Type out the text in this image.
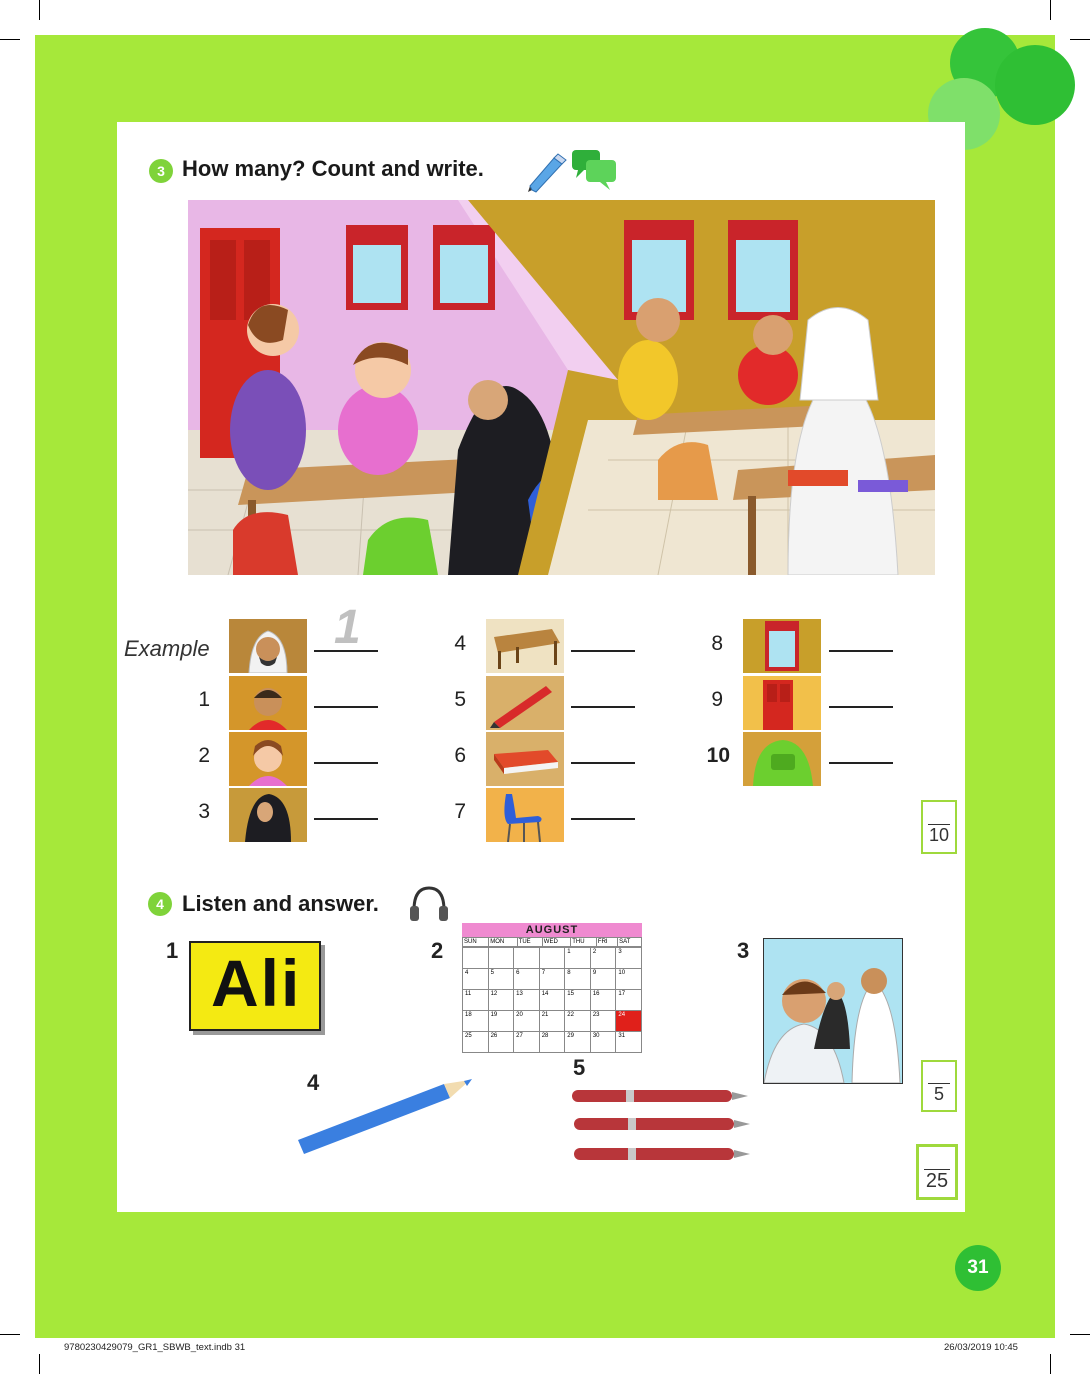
3 How many? Count and write.
Example	1
1
2
3
4
5
6
7
8
9
10
10
4 Listen and answer.
1 Ali	2
AUGUST
SUN	MON	TUE	WED	THU	FRI	SAT
				1	2	3
4	5	6	7	8	9	10
11	12	13	14	15	16	17
18	19	20	21	22	23	24
25	26	27	28	29	30	31
3
4
5
5
25
31
9780230429079_GR1_SBWB_text.indb 31	26/03/2019 10:45
